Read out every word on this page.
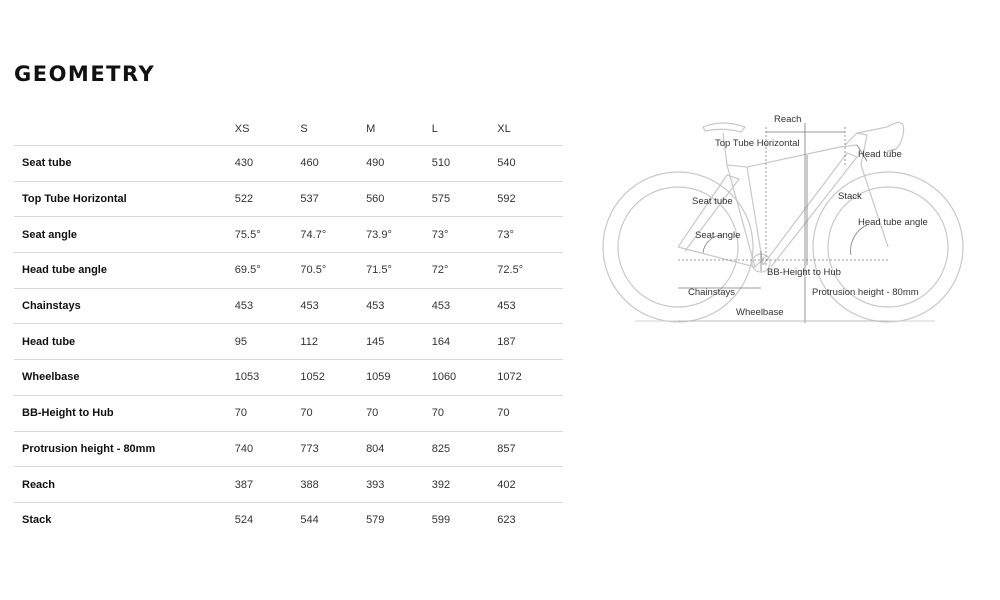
GEOMETRY
	XS	S	M	L	XL
Seat tube	430	460	490	510	540
Top Tube Horizontal	522	537	560	575	592
Seat angle	75.5°	74.7°	73.9°	73°	73°
Head tube angle	69.5°	70.5°	71.5°	72°	72.5°
Chainstays	453	453	453	453	453
Head tube	95	112	145	164	187
Wheelbase	1053	1052	1059	1060	1072
BB-Height to Hub	70	70	70	70	70
Protrusion height - 80mm	740	773	804	825	857
Reach	387	388	393	392	402
Stack	524	544	579	599	623
Reach
Top Tube Horizontal
Head tube
Seat tube	Stack
Seat angle
Head tube angle
BB-Height to Hub
Chainstays	Protrusion height - 80mm
Wheelbase
